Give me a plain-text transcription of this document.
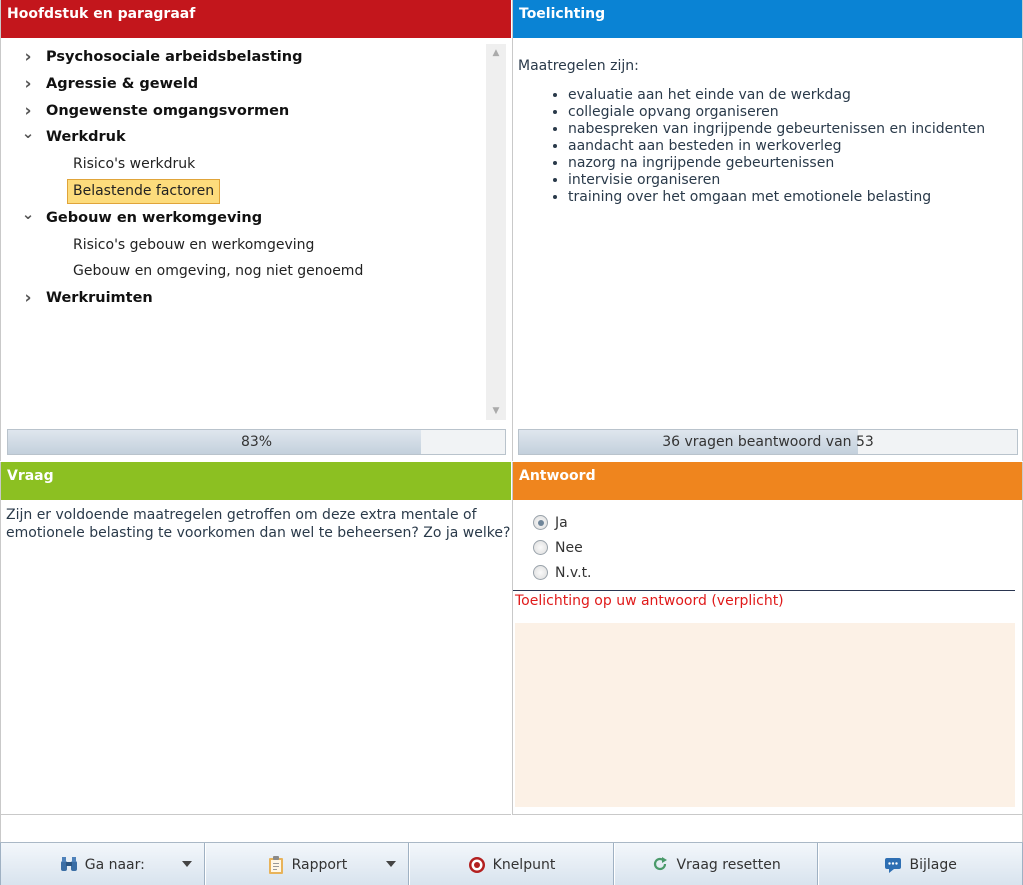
Hoofdstuk en paragraaf
› Psychosociale arbeidsbelasting
› Agressie & geweld
› Ongewenste omgangsvormen
⌄ Werkdruk
Risico's werkdruk
Belastende factoren
⌄ Gebouw en werkomgeving
Risico's gebouw en werkomgeving
Gebouw en omgeving, nog niet genoemd
› Werkruimten
▲
▼
83%
Toelichting
Maatregelen zijn:
• evaluatie aan het einde van de werkdag
• collegiale opvang organiseren
• nabespreken van ingrijpende gebeurtenissen en incidenten
• aandacht aan besteden in werkoverleg
• nazorg na ingrijpende gebeurtenissen
• intervisie organiseren
• training over het omgaan met emotionele belasting
36 vragen beantwoord van 53
Vraag
Zijn er voldoende maatregelen getroffen om deze extra mentale of emotionele belasting te voorkomen dan wel te beheersen? Zo ja welke?
Antwoord
Ja
Nee
N.v.t.
Toelichting op uw antwoord (verplicht)
Ga naar:	Rapport	Knelpunt	Vraag resetten	Bijlage
